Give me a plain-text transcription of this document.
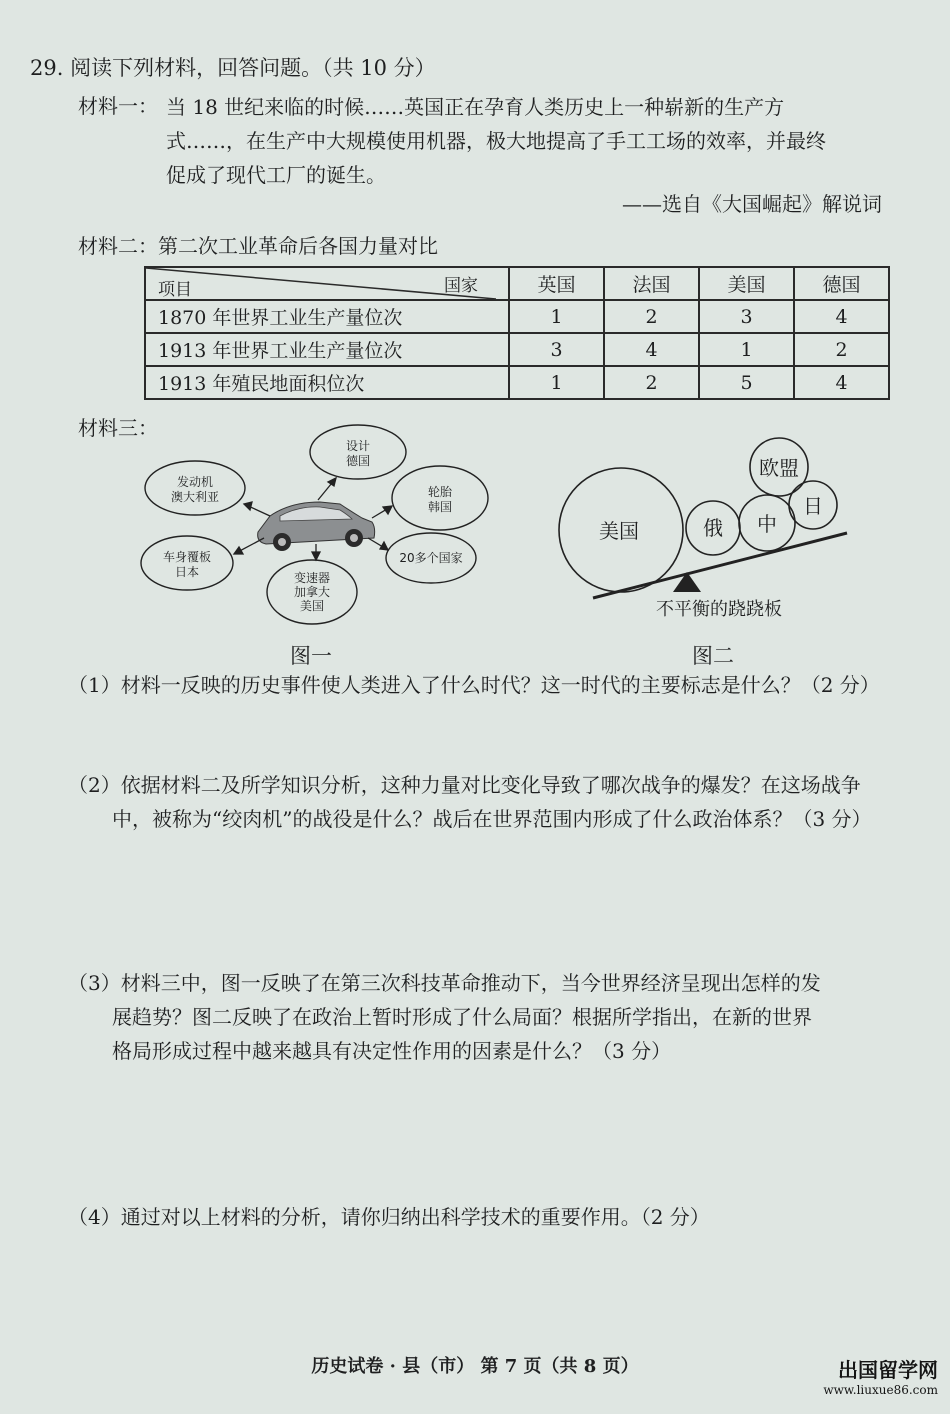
29. 阅读下列材料，回答问题。（共 10 分）
材料一： 当 18 世纪来临的时候……英国正在孕育人类历史上一种崭新的生产方
式……，在生产中大规模使用机器，极大地提高了手工工场的效率，并最终
促成了现代工厂的诞生。
——选自《大国崛起》解说词
材料二：第二次工业革命后各国力量对比
项目 国家	英国	法国	美国	德国
1870 年世界工业生产量位次	1	2	3	4
1913 年世界工业生产量位次	3	4	1	2
1913 年殖民地面积位次	1	2	5	4
材料三：
设计
德国
发动机
澳大利亚	轮胎
韩国
车身覆板
日本
20多个国家
变速器
加拿大
美国
图一
美国	俄 中
日
欧盟
不平衡的跷跷板
图二
（1）材料一反映的历史事件使人类进入了什么时代？这一时代的主要标志是什么？（2 分）
（2）依据材料二及所学知识分析，这种力量对比变化导致了哪次战争的爆发？在这场战争
中，被称为“绞肉机”的战役是什么？战后在世界范围内形成了什么政治体系？（3 分）
（3）材料三中，图一反映了在第三次科技革命推动下，当今世界经济呈现出怎样的发
展趋势？图二反映了在政治上暂时形成了什么局面？根据所学指出，在新的世界
格局形成过程中越来越具有决定性作用的因素是什么？（3 分）
（4）通过对以上材料的分析，请你归纳出科学技术的重要作用。（2 分）
历史试卷 · 县（市） 第 7 页（共 8 页）	出国留学网
www.liuxue86.com
